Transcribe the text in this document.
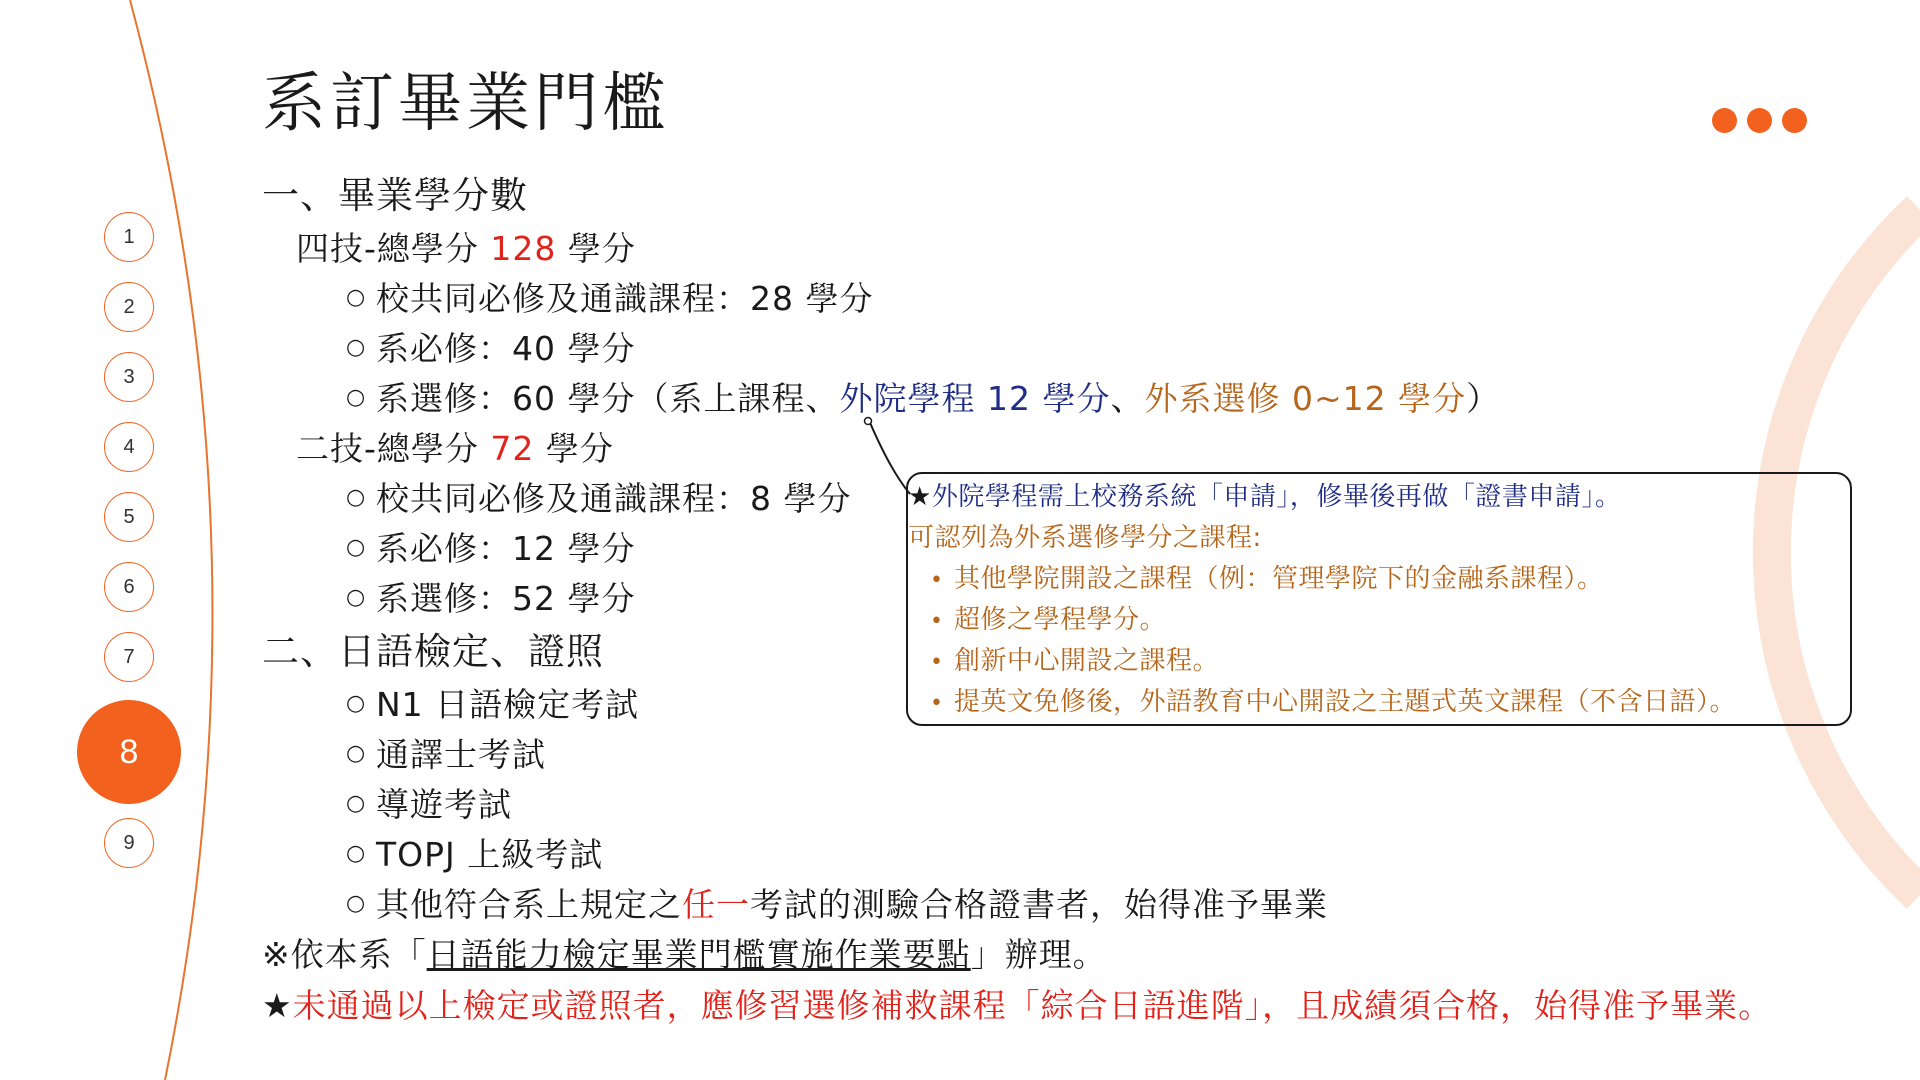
系訂畢業門檻
1
2
3
4
5
6
7
8
9
一、畢業學分數
四技-總學分 128 學分
○ 校共同必修及通識課程：28 學分
○ 系必修：40 學分
○ 系選修：60 學分（系上課程、外院學程 12 學分、外系選修 0~12 學分）
二技-總學分 72 學分
○ 校共同必修及通識課程：8 學分
○ 系必修：12 學分
○ 系選修：52 學分
二、日語檢定、證照
○ N1 日語檢定考試
○ 通譯士考試
○ 導遊考試
○ TOPJ 上級考試
○ 其他符合系上規定之任一考試的測驗合格證書者，始得准予畢業
※依本系「日語能力檢定畢業門檻實施作業要點」辦理。
★未通過以上檢定或證照者，應修習選修補救課程「綜合日語進階」，且成績須合格，始得准予畢業。
★外院學程需上校務系統「申請」，修畢後再做「證書申請」。
可認列為外系選修學分之課程:
• 其他學院開設之課程（例：管理學院下的金融系課程）。
• 超修之學程學分。
• 創新中心開設之課程。
• 提英文免修後，外語教育中心開設之主題式英文課程（不含日語）。
